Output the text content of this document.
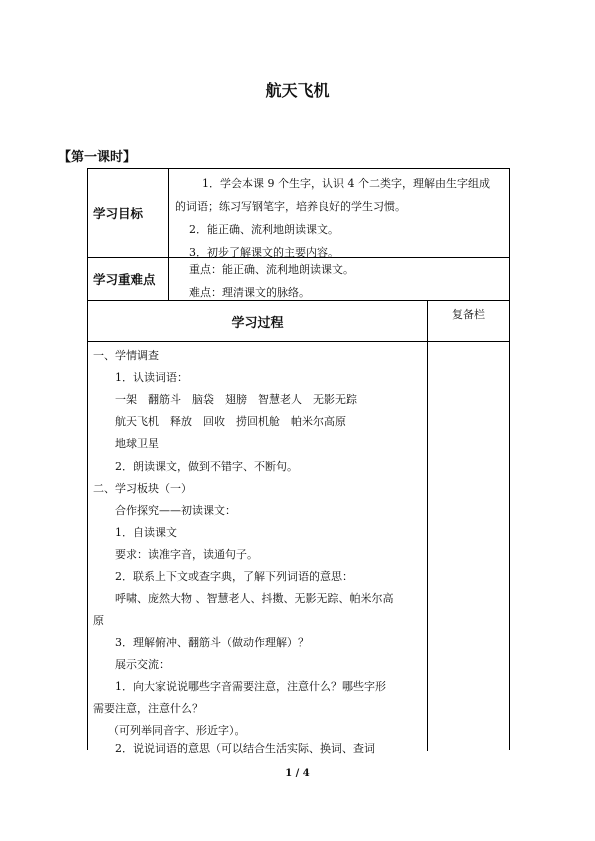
航天飞机
【第一课时】
学习目标
1．学会本课 9 个生字，认识 4 个二类字，理解由生字组成
的词语；练习写钢笔字，培养良好的学生习惯。
2．能正确、流利地朗读课文。
3．初步了解课文的主要内容。
学习重难点
重点：能正确、流利地朗读课文。
难点：理清课文的脉络。
学习过程
复备栏
一、学情调查
1．认读词语：
一架　翻筋斗　脑袋　翅膀　智慧老人　无影无踪
航天飞机　释放　回收　捞回机舱　帕米尔高原
地球卫星
2．朗读课文，做到不错字、不断句。
二、学习板块（一）
合作探究——初读课文：
1．自读课文
要求：读准字音，读通句子。
2．联系上下文或查字典，了解下列词语的意思：
呼啸、庞然大物 、智慧老人、抖擞、无影无踪、帕米尔高
原
3．理解俯冲、翻筋斗（做动作理解）？
展示交流：
1．向大家说说哪些字音需要注意，注意什么？哪些字形
需要注意，注意什么？
（可列举同音字、形近字）。
2．说说词语的意思（可以结合生活实际、换词、查词
1 / 4
